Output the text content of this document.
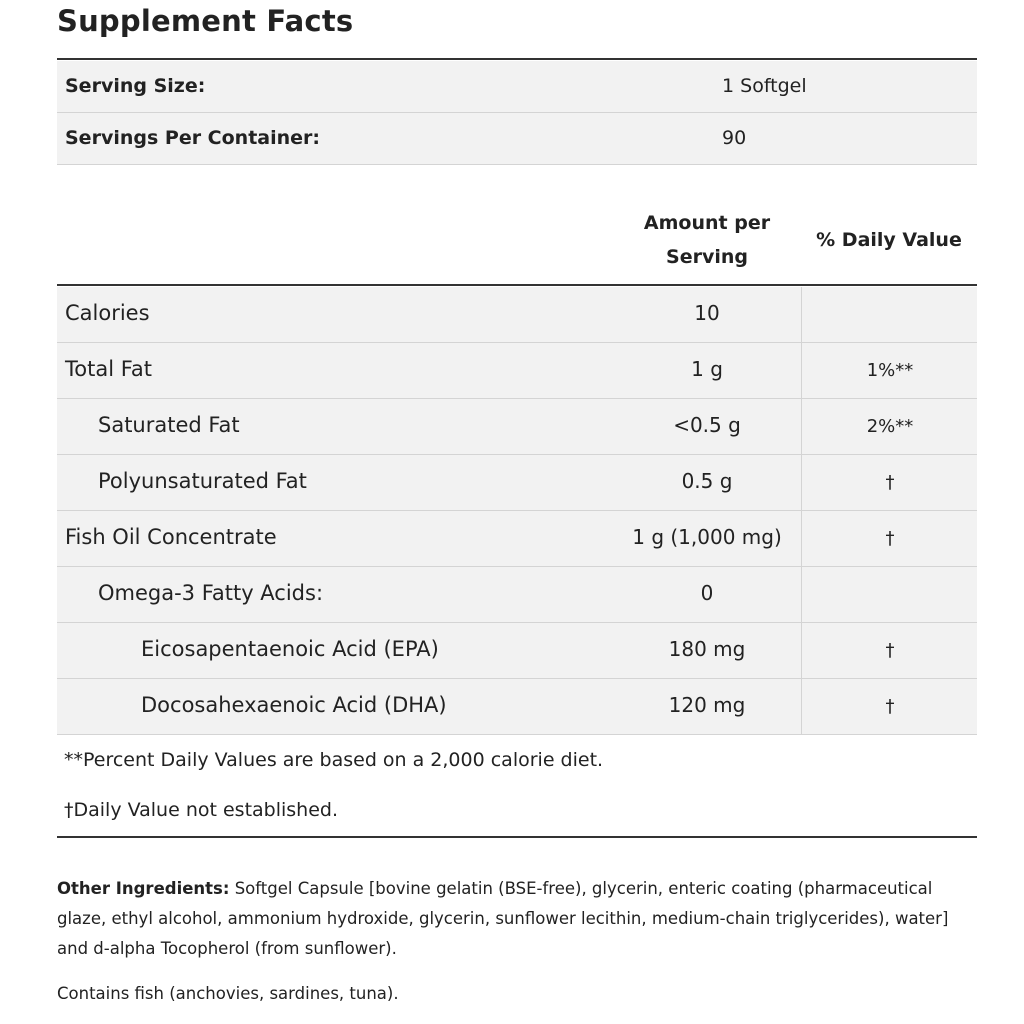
Supplement Facts
Serving Size:	1 Softgel
Servings Per Container:	90
Amount per
Serving
% Daily Value
Calories	10
Total Fat	1 g	1%**
Saturated Fat	<0.5 g	2%**
Polyunsaturated Fat	0.5 g	†
Fish Oil Concentrate	1 g (1,000 mg)	†
Omega-3 Fatty Acids:	0
Eicosapentaenoic Acid (EPA)	180 mg	†
Docosahexaenoic Acid (DHA)	120 mg	†
**Percent Daily Values are based on a 2,000 calorie diet.
†Daily Value not established.
Other Ingredients: Softgel Capsule [bovine gelatin (BSE-free), glycerin, enteric coating (pharmaceutical glaze, ethyl alcohol, ammonium hydroxide, glycerin, sunflower lecithin, medium-chain triglycerides), water] and d-alpha Tocopherol (from sunflower).
Contains fish (anchovies, sardines, tuna).
